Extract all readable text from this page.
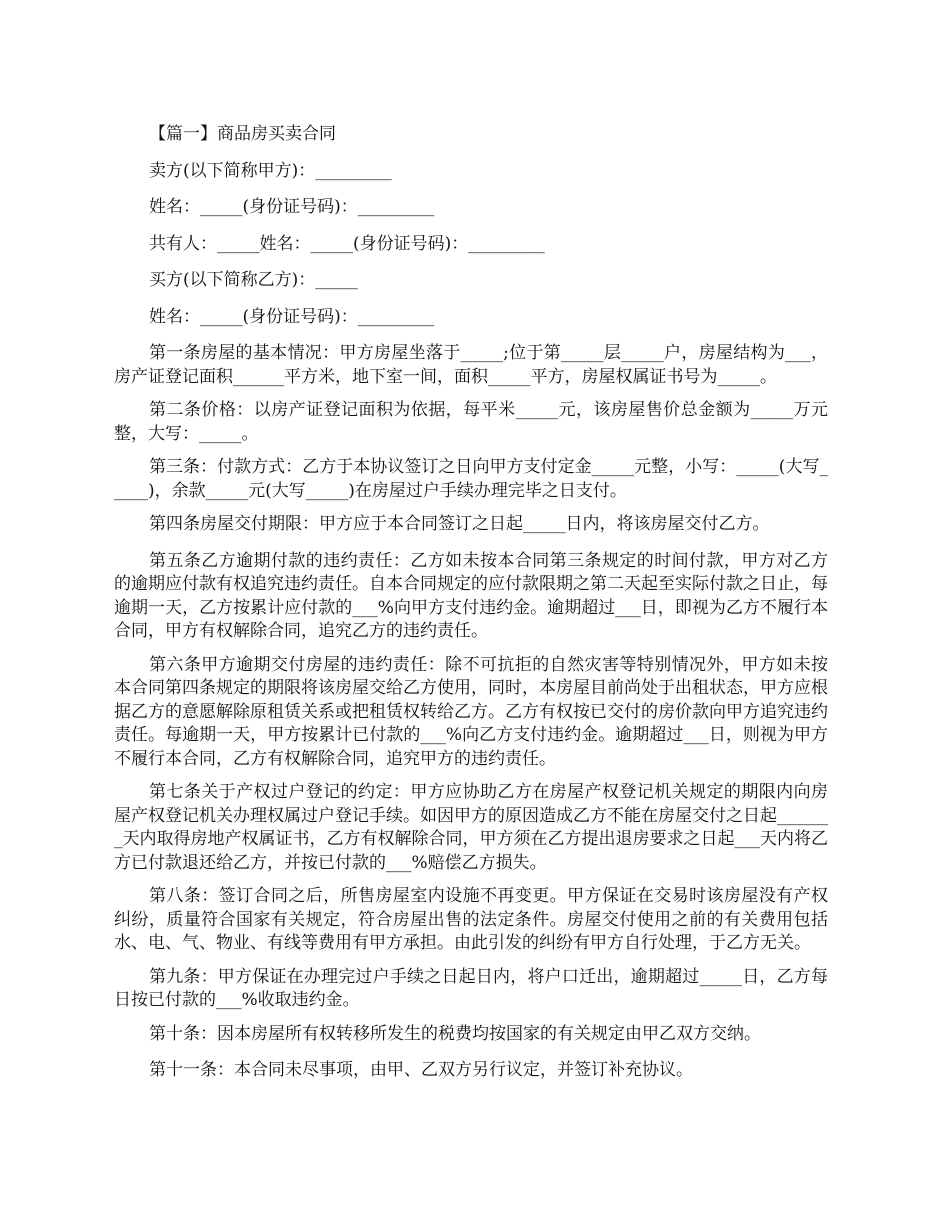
【篇一】商品房买卖合同

卖方(以下简称甲方)：_________

姓名：_____(身份证号码)：_________

共有人：_____姓名：_____(身份证号码)：_________

买方(以下简称乙方)：_____

姓名：_____(身份证号码)：_________

第一条房屋的基本情况：甲方房屋坐落于_____;位于第_____层_____户，房屋结构为___，房产证登记面积______平方米，地下室一间，面积_____平方，房屋权属证书号为_____。

第二条价格：以房产证登记面积为依据，每平米_____元，该房屋售价总金额为_____万元整，大写：_____。

第三条：付款方式：乙方于本协议签订之日向甲方支付定金_____元整，小写：_____(大写_____)，余款_____元(大写_____)在房屋过户手续办理完毕之日支付。

第四条房屋交付期限：甲方应于本合同签订之日起_____日内，将该房屋交付乙方。

第五条乙方逾期付款的违约责任：乙方如未按本合同第三条规定的时间付款，甲方对乙方的逾期应付款有权追究违约责任。自本合同规定的应付款限期之第二天起至实际付款之日止，每逾期一天，乙方按累计应付款的___%向甲方支付违约金。逾期超过___日，即视为乙方不履行本合同，甲方有权解除合同，追究乙方的违约责任。

第六条甲方逾期交付房屋的违约责任：除不可抗拒的自然灾害等特别情况外，甲方如未按本合同第四条规定的期限将该房屋交给乙方使用，同时，本房屋目前尚处于出租状态，甲方应根据乙方的意愿解除原租赁关系或把租赁权转给乙方。乙方有权按已交付的房价款向甲方追究违约责任。每逾期一天，甲方按累计已付款的___%向乙方支付违约金。逾期超过___日，则视为甲方不履行本合同，乙方有权解除合同，追究甲方的违约责任。

第七条关于产权过户登记的约定：甲方应协助乙方在房屋产权登记机关规定的期限内向房屋产权登记机关办理权属过户登记手续。如因甲方的原因造成乙方不能在房屋交付之日起_______天内取得房地产权属证书，乙方有权解除合同，甲方须在乙方提出退房要求之日起___天内将乙方已付款退还给乙方，并按已付款的___%赔偿乙方损失。

第八条：签订合同之后，所售房屋室内设施不再变更。甲方保证在交易时该房屋没有产权纠纷，质量符合国家有关规定，符合房屋出售的法定条件。房屋交付使用之前的有关费用包括水、电、气、物业、有线等费用有甲方承担。由此引发的纠纷有甲方自行处理，于乙方无关。

第九条：甲方保证在办理完过户手续之日起日内，将户口迁出，逾期超过_____日，乙方每日按已付款的___%收取违约金。

第十条：因本房屋所有权转移所发生的税费均按国家的有关规定由甲乙双方交纳。

第十一条：本合同未尽事项，由甲、乙双方另行议定，并签订补充协议。
